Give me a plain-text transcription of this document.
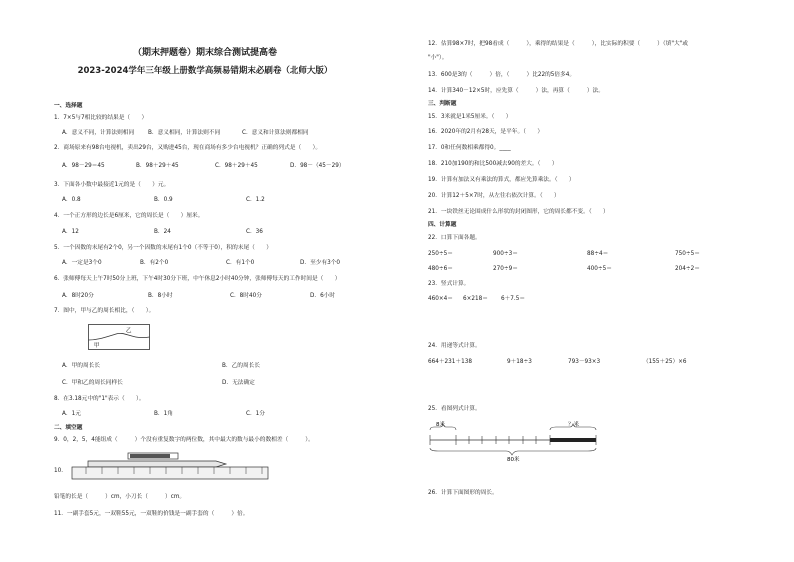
（期末押题卷）期末综合测试提高卷
2023-2024学年三年级上册数学高频易错期末必刷卷（北师大版）
一、选择题
1．7×5与7相比较的结果是（　　）
A．意义不同，计算法则相同 B．意义相同，计算法则不同	C．意义和计算法则都相同
2．商场原来有98台电视机，卖出29台，又购进45台，现在商场有多少台电视机？正确的列式是（　　）。
A．98－29＝45	B．98＋29＋45	C．98＋29＋45	D．98－（45－29）
3．下面各小数中最接近1元的是（　　）元。
A．0.8	B．0.9	C．1.2
4．一个正方形的边长是6厘米，它的周长是（　　）厘米。
A．12	B．24	C．36
5．一个因数的末尾有2个0，另一个因数的末尾有1个0（不等于0），积的末尾（　　）
A．一定是3个0	B．有2个0	C．有1个0	D．至少有3个0
6．张师傅每天上午7时50分上班，下午4时30分下班，中午休息2小时40分钟，张师傅每天的工作时间是（　　）
A．8时20分	B．8小时	C．8时40分	D．6小时
7．图中，甲与乙的周长相比，（　　）。
甲
乙
A．甲的周长长	B．乙的周长长
C．甲和乙的周长同样长	D．无法确定
8．在3.18元中的"1"表示（　　）。
A．1元	B．1角	C．1分
二、填空题
9．0，2，5，4能组成（　　　）个没有重复数字的两位数，其中最大的数与最小的数相差（　　　）。
10．
铅笔的长是（　　　）cm，小刀长（　　　）cm。
11．一副手套5元，一双鞋55元，一双鞋的价钱是一副手套的（　　　）倍。
12．估算98×7时，把98看成（　　　），乘得的结果是（　　　），比实际的积要（　　　）（填"大"或
"小"）。
13．600是3的（　　　）倍，（　　　）比22的5倍多4。
14．计算340－12×5时，应先算（　　　）法，再算（　　　）法。
三、判断题
15．3米就是1米5厘米。（　　）
16．2020年的2月有28天，是平年。（　　）
17．0和任何数相乘都得0。____
18．210加190的和比500减去90的差大。（　　）
19．计算有加法又有乘法的算式，都应先算乘法。（　　）
20．计算12＋5×7时，从左往右依次计算。（　　）
21．一块铁丝无论围成什么形状的封闭图形，它的周长都不变。（　　）
四、计算题
22．口算下面各题。
250÷5＝	900÷3＝	88÷4＝	750÷5＝
480÷6＝	270÷9＝	400÷5＝	204÷2＝
23．竖式计算。
460×4＝ 6×218＝ 6＋7.5＝
24．用递等式计算。
664＋231＋138	9＋18÷3	793－93×3	（155＋25）×6
25．看图列式计算。
8米	？米
80米
26．计算下面图形的周长。
